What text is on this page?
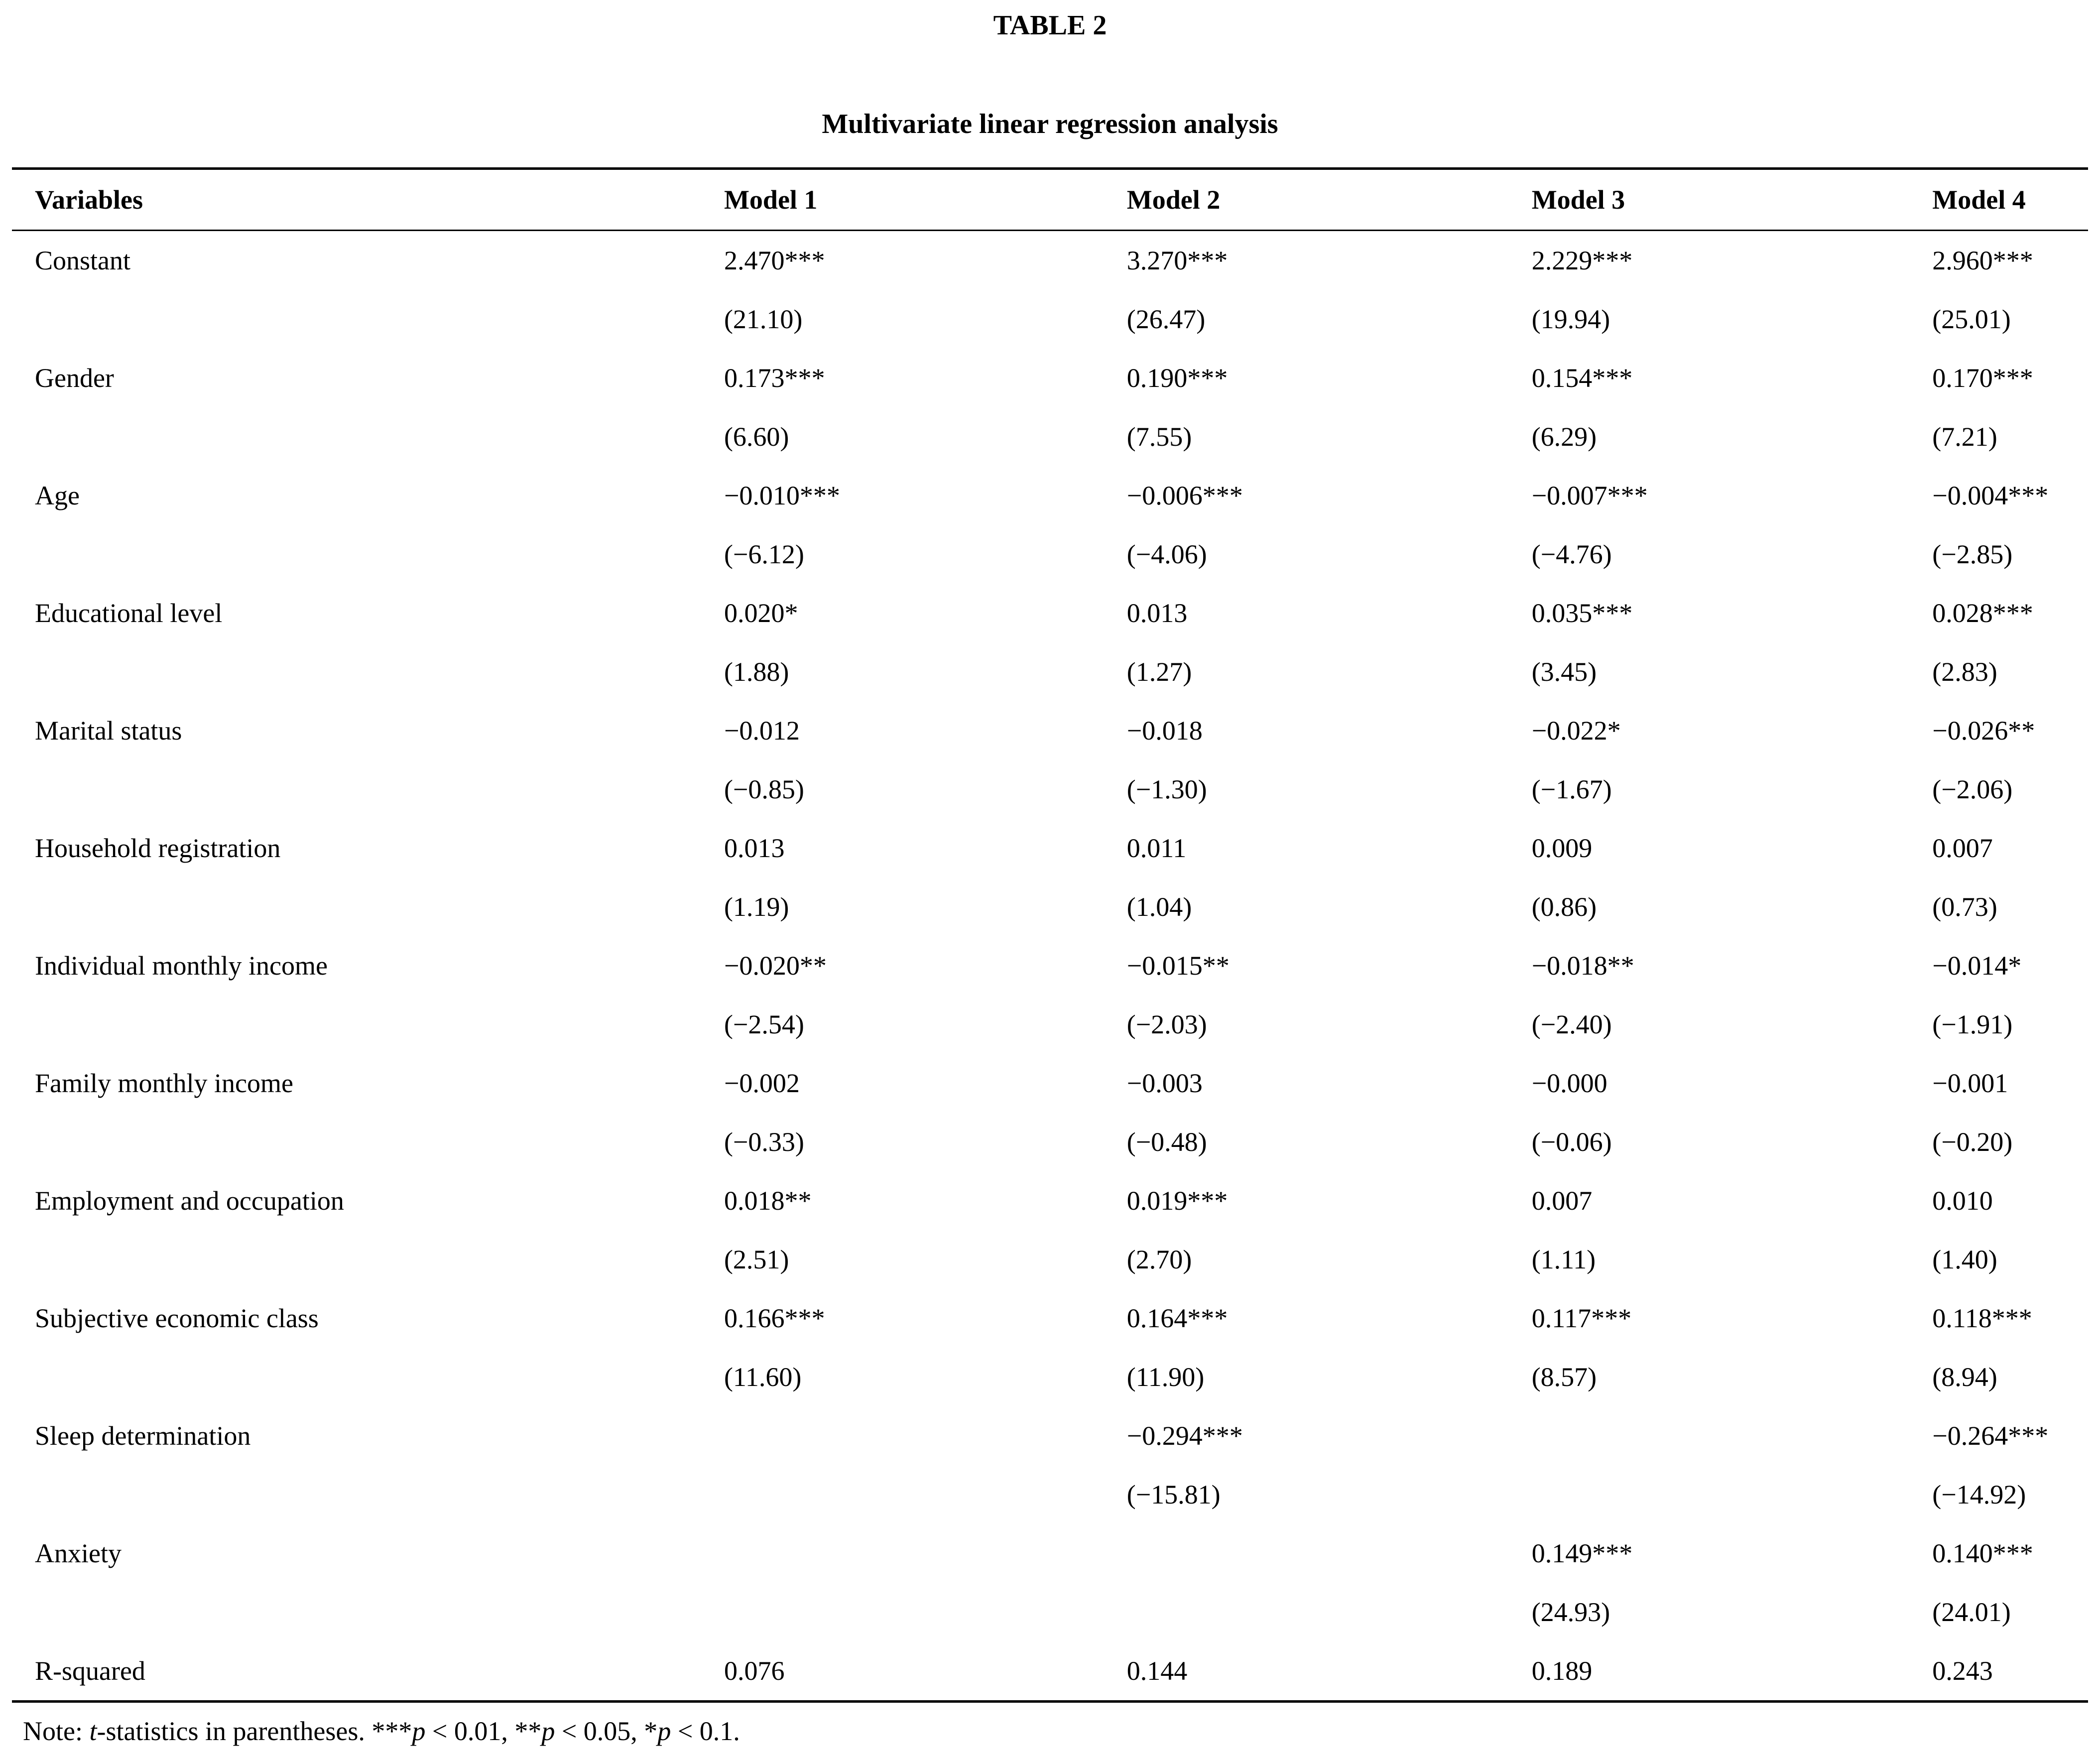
TABLE 2
Multivariate linear regression analysis
Variables	Model 1	Model 2	Model 3	Model 4
Constant	2.470***	3.270***	2.229***	2.960***
	(21.10)	(26.47)	(19.94)	(25.01)
Gender	0.173***	0.190***	0.154***	0.170***
	(6.60)	(7.55)	(6.29)	(7.21)
Age	−0.010***	−0.006***	−0.007***	−0.004***
	(−6.12)	(−4.06)	(−4.76)	(−2.85)
Educational level	0.020*	0.013	0.035***	0.028***
	(1.88)	(1.27)	(3.45)	(2.83)
Marital status	−0.012	−0.018	−0.022*	−0.026**
	(−0.85)	(−1.30)	(−1.67)	(−2.06)
Household registration	0.013	0.011	0.009	0.007
	(1.19)	(1.04)	(0.86)	(0.73)
Individual monthly income	−0.020**	−0.015**	−0.018**	−0.014*
	(−2.54)	(−2.03)	(−2.40)	(−1.91)
Family monthly income	−0.002	−0.003	−0.000	−0.001
	(−0.33)	(−0.48)	(−0.06)	(−0.20)
Employment and occupation	0.018**	0.019***	0.007	0.010
	(2.51)	(2.70)	(1.11)	(1.40)
Subjective economic class	0.166***	0.164***	0.117***	0.118***
	(11.60)	(11.90)	(8.57)	(8.94)
Sleep determination		−0.294***		−0.264***
		(−15.81)		(−14.92)
Anxiety			0.149***	0.140***
			(24.93)	(24.01)
R-squared	0.076	0.144	0.189	0.243
Note: t-statistics in parentheses. ***p < 0.01, **p < 0.05, *p < 0.1.
